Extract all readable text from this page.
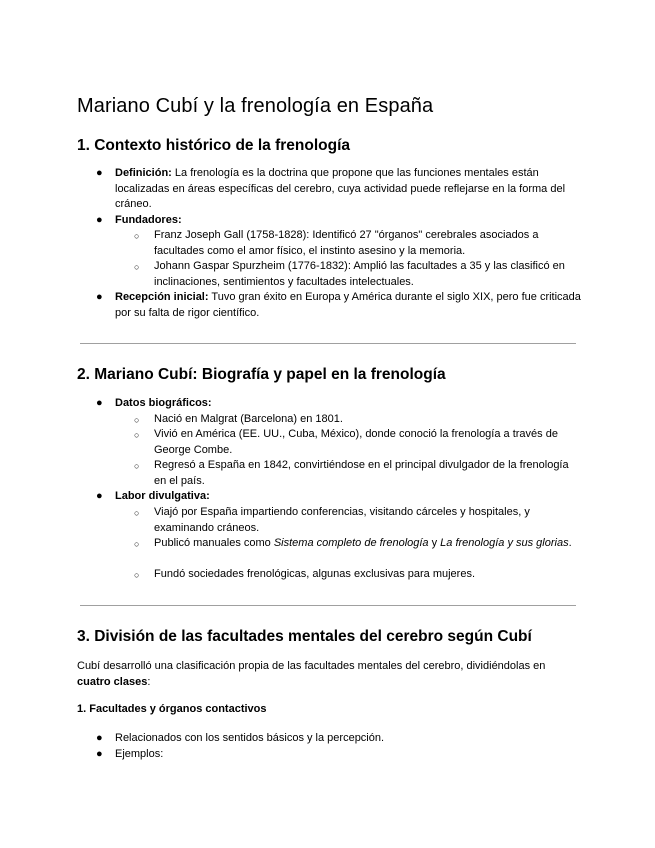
Mariano Cubí y la frenología en España
1. Contexto histórico de la frenología
● Definición: La frenología es la doctrina que propone que las funciones mentales están localizadas en áreas específicas del cerebro, cuya actividad puede reflejarse en la forma del cráneo.
● Fundadores:
○ Franz Joseph Gall (1758-1828): Identificó 27 "órganos" cerebrales asociados a facultades como el amor físico, el instinto asesino y la memoria.
○ Johann Gaspar Spurzheim (1776-1832): Amplió las facultades a 35 y las clasificó en inclinaciones, sentimientos y facultades intelectuales.
● Recepción inicial: Tuvo gran éxito en Europa y América durante el siglo XIX, pero fue criticada por su falta de rigor científico.
2. Mariano Cubí: Biografía y papel en la frenología
● Datos biográficos:
○ Nació en Malgrat (Barcelona) en 1801.
○ Vivió en América (EE. UU., Cuba, México), donde conoció la frenología a través de George Combe.
○ Regresó a España en 1842, convirtiéndose en el principal divulgador de la frenología en el país.
● Labor divulgativa:
○ Viajó por España impartiendo conferencias, visitando cárceles y hospitales, y examinando cráneos.
○ Publicó manuales como Sistema completo de frenología y La frenología y sus glorias.
○ Fundó sociedades frenológicas, algunas exclusivas para mujeres.
3. División de las facultades mentales del cerebro según Cubí
Cubí desarrolló una clasificación propia de las facultades mentales del cerebro, dividiéndolas en cuatro clases:
1. Facultades y órganos contactivos
● Relacionados con los sentidos básicos y la percepción.
● Ejemplos:
